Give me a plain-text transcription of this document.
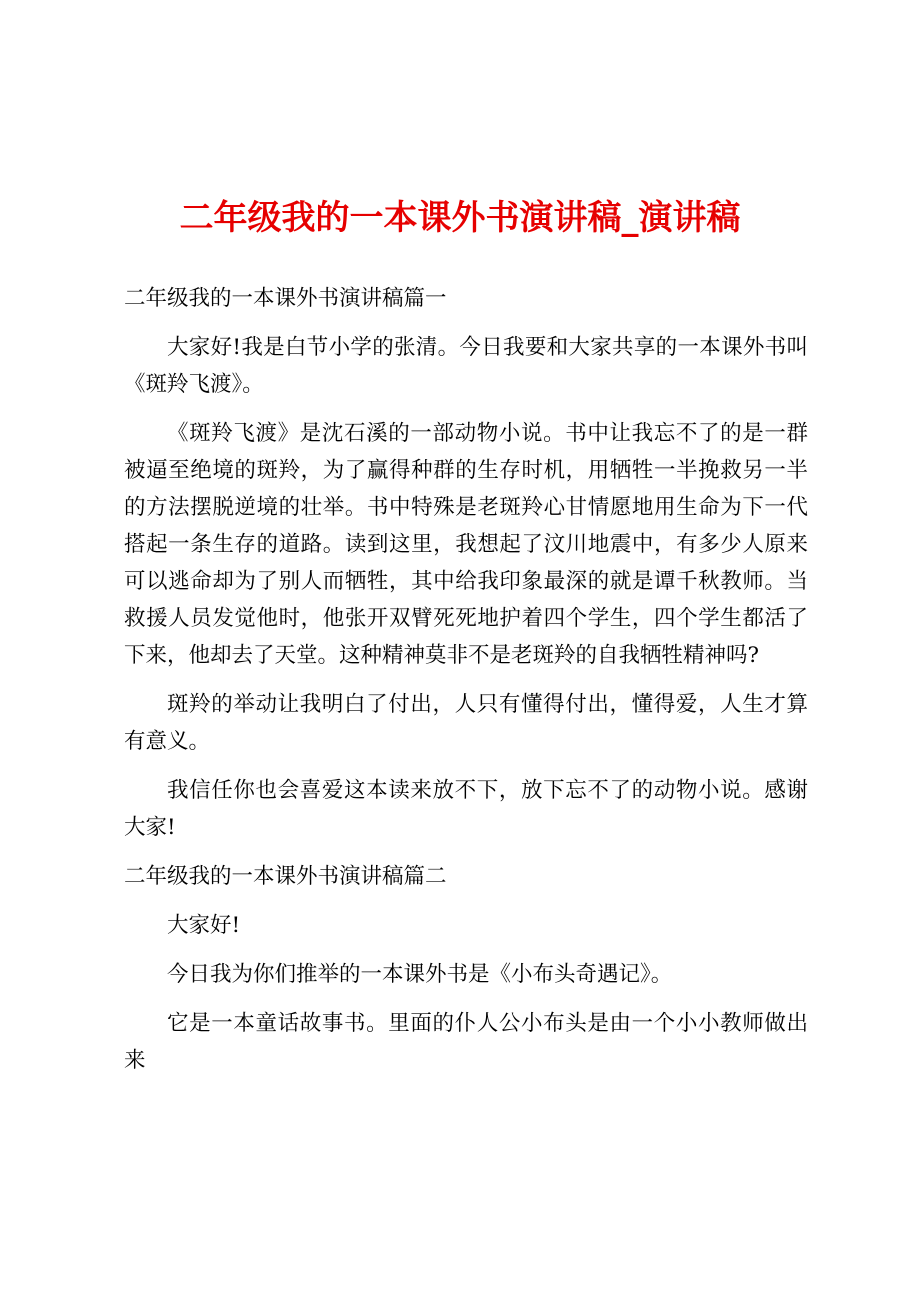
二年级我的一本课外书演讲稿_演讲稿

二年级我的一本课外书演讲稿篇一

大家好!我是白节小学的张清。今日我要和大家共享的一本课外书叫《斑羚飞渡》。

《斑羚飞渡》是沈石溪的一部动物小说。书中让我忘不了的是一群被逼至绝境的斑羚，为了赢得种群的生存时机，用牺牲一半挽救另一半的方法摆脱逆境的壮举。书中特殊是老斑羚心甘情愿地用生命为下一代搭起一条生存的道路。读到这里，我想起了汶川地震中，有多少人原来可以逃命却为了别人而牺牲，其中给我印象最深的就是谭千秋教师。当救援人员发觉他时，他张开双臂死死地护着四个学生，四个学生都活了下来，他却去了天堂。这种精神莫非不是老斑羚的自我牺牲精神吗?

斑羚的举动让我明白了付出，人只有懂得付出，懂得爱，人生才算有意义。

我信任你也会喜爱这本读来放不下，放下忘不了的动物小说。感谢大家!

二年级我的一本课外书演讲稿篇二

大家好!

今日我为你们推举的一本课外书是《小布头奇遇记》。

它是一本童话故事书。里面的仆人公小布头是由一个小小教师做出来
